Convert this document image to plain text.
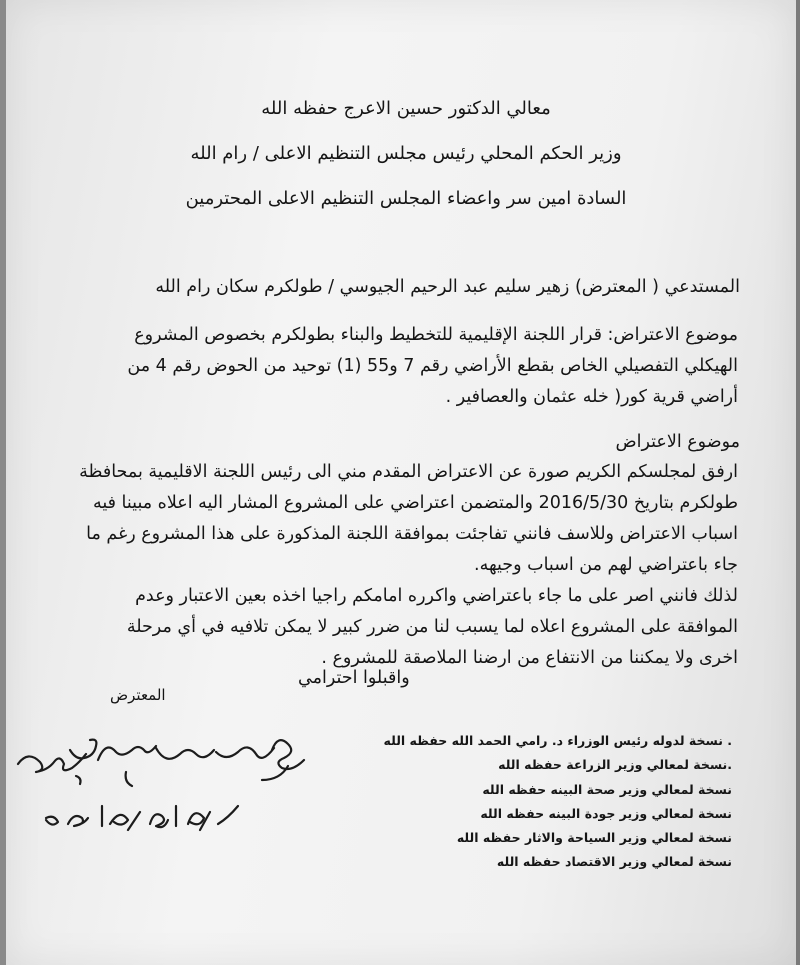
معالي الدكتور حسين الاعرج حفظه الله
وزير الحكم المحلي رئيس مجلس التنظيم الاعلى / رام الله
السادة امين سر واعضاء المجلس التنظيم الاعلى المحترمين
المستدعي ( المعترض) زهير سليم عبد الرحيم الجيوسي / طولكرم سكان رام الله
موضوع الاعتراض: قرار اللجنة الإقليمية للتخطيط والبناء بطولكرم بخصوص المشروع
الهيكلي التفصيلي الخاص بقطع الأراضي رقم 7 و55 (1) توحيد من الحوض رقم 4 من
أراضي قرية كور( خله عثمان والعصافير .
موضوع الاعتراض
ارفق لمجلسكم الكريم صورة عن الاعتراض المقدم مني الى رئيس اللجنة الاقليمية بمحافظة
طولكرم بتاريخ 2016/5/30 والمتضمن اعتراضي على المشروع المشار اليه اعلاه مبينا فيه
اسباب الاعتراض وللاسف فانني تفاجئت بموافقة اللجنة المذكورة على هذا المشروع رغم ما
جاء باعتراضي لهم من اسباب وجيهه.
لذلك فانني اصر على ما جاء باعتراضي واكرره امامكم راجيا اخذه بعين الاعتبار وعدم
الموافقة على المشروع اعلاه لما يسبب لنا من ضرر كبير لا يمكن تلافيه في أي مرحلة
اخرى ولا يمكننا من الانتفاع من ارضنا الملاصقة للمشروع .
واقبلوا احترامي
المعترض
. نسخة لدوله رئيس الوزراء د. رامي الحمد الله حفظه الله
.نسخة لمعالي وزير الزراعة حفظه الله
نسخة لمعالي وزير صحة البينه حفظه الله
نسخة لمعالي وزير جودة البينه حفظه الله
نسخة لمعالي وزير السياحة والاثار حفظه الله
نسخة لمعالي وزير الاقتصاد حفظه الله
